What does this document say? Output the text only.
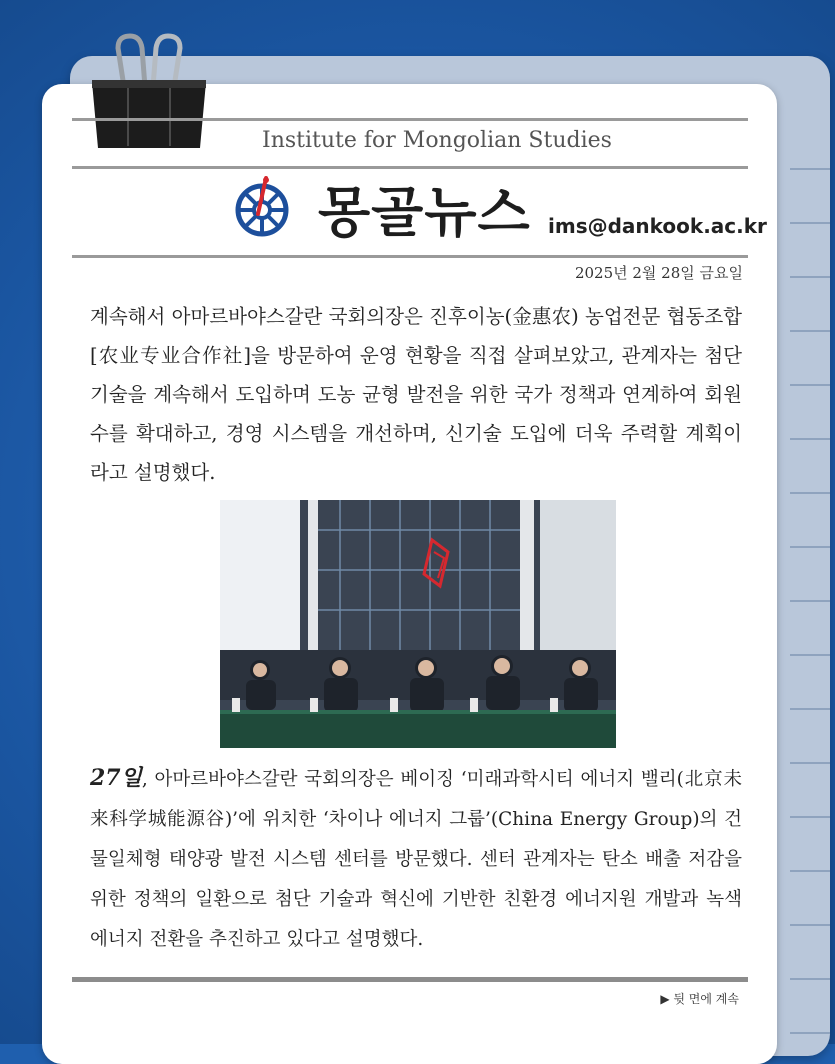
Institute for Mongolian Studies
몽골뉴스 ims@dankook.ac.kr
2025년 2월 28일 금요일

계속해서 아마르바야스갈란 국회의장은 진후이농(金惠农) 농업전문 협동조합[农业专业合作社]을 방문하여 운영 현황을 직접 살펴보았고, 관계자는 첨단 기술을 계속해서 도입하며 도농 균형 발전을 위한 국가 정책과 연계하여 회원 수를 확대하고, 경영 시스템을 개선하며, 신기술 도입에 더욱 주력할 계획이라고 설명했다.

27일, 아마르바야스갈란 국회의장은 베이징 ‘미래과학시티 에너지 밸리(北京未来科学城能源谷)’에 위치한 ‘차이나 에너지 그룹’(China Energy Group)의 건물일체형 태양광 발전 시스템 센터를 방문했다. 센터 관계자는 탄소 배출 저감을 위한 정책의 일환으로 첨단 기술과 혁신에 기반한 친환경 에너지원 개발과 녹색 에너지 전환을 추진하고 있다고 설명했다.

▶ 뒷 면에 계속
